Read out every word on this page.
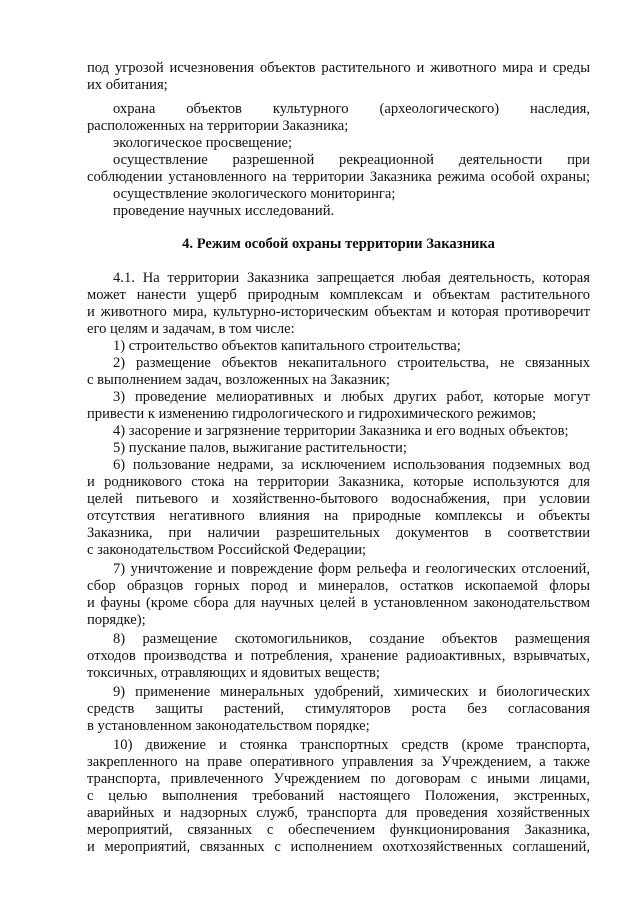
под угрозой исчезновения объектов растительного и животного мира и среды
их обитания;
охрана объектов культурного (археологического) наследия,
расположенных на территории Заказника;
экологическое просвещение;
осуществление разрешенной рекреационной деятельности при
соблюдении установленного на территории Заказника режима особой охраны;
осуществление экологического мониторинга;
проведение научных исследований.
4. Режим особой охраны территории Заказника
4.1. На территории Заказника запрещается любая деятельность, которая
может нанести ущерб природным комплексам и объектам растительного
и животного мира, культурно-историческим объектам и которая противоречит
его целям и задачам, в том числе:
1) строительство объектов капитального строительства;
2) размещение объектов некапитального строительства, не связанных
с выполнением задач, возложенных на Заказник;
3) проведение мелиоративных и любых других работ, которые могут
привести к изменению гидрологического и гидрохимического режимов;
4) засорение и загрязнение территории Заказника и его водных объектов;
5) пускание палов, выжигание растительности;
6) пользование недрами, за исключением использования подземных вод
и родникового стока на территории Заказника, которые используются для
целей питьевого и хозяйственно-бытового водоснабжения, при условии
отсутствия негативного влияния на природные комплексы и объекты
Заказника, при наличии разрешительных документов в соответствии
с законодательством Российской Федерации;
7) уничтожение и повреждение форм рельефа и геологических отслоений,
сбор образцов горных пород и минералов, остатков ископаемой флоры
и фауны (кроме сбора для научных целей в установленном законодательством
порядке);
8) размещение скотомогильников, создание объектов размещения
отходов производства и потребления, хранение радиоактивных, взрывчатых,
токсичных, отравляющих и ядовитых веществ;
9) применение минеральных удобрений, химических и биологических
средств защиты растений, стимуляторов роста без согласования
в установленном законодательством порядке;
10) движение и стоянка транспортных средств (кроме транспорта,
закрепленного на праве оперативного управления за Учреждением, а также
транспорта, привлеченного Учреждением по договорам с иными лицами,
с целью выполнения требований настоящего Положения, экстренных,
аварийных и надзорных служб, транспорта для проведения хозяйственных
мероприятий, связанных с обеспечением функционирования Заказника,
и мероприятий, связанных с исполнением охотхозяйственных соглашений,
